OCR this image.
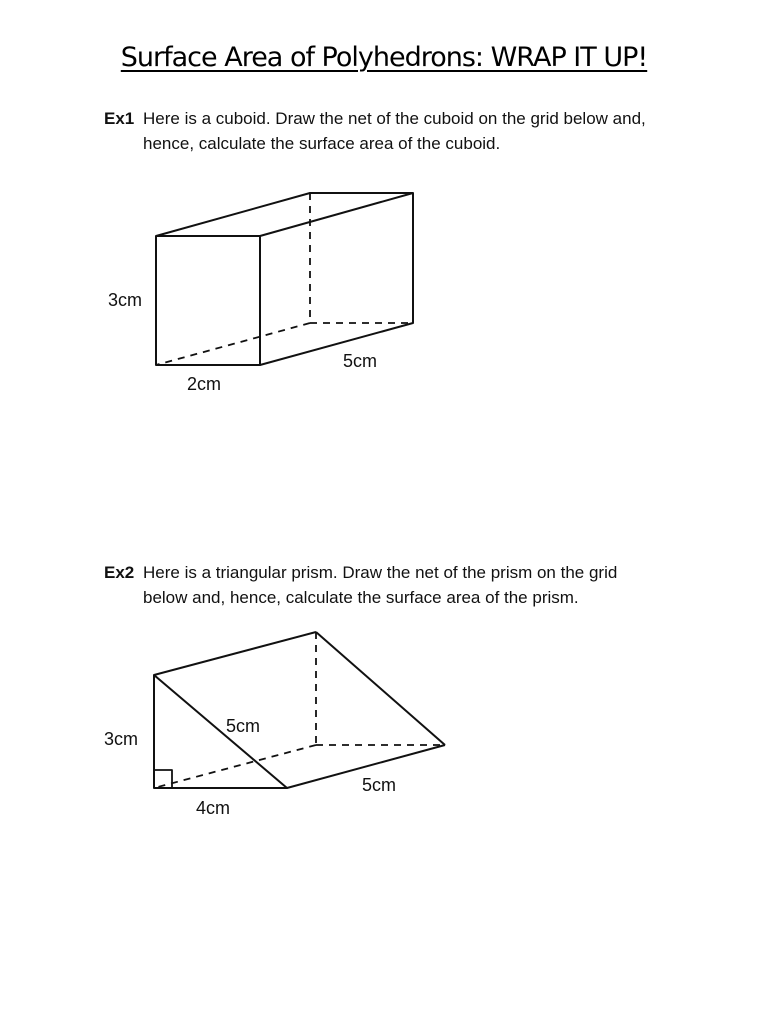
Surface Area of Polyhedrons: WRAP IT UP!
Ex1 Here is a cuboid. Draw the net of the cuboid on the grid below and,
hence, calculate the surface area of the cuboid.
3cm
2cm
5cm
Ex2 Here is a triangular prism. Draw the net of the prism on the grid
below and, hence, calculate the surface area of the prism.
3cm
5cm
4cm
5cm
